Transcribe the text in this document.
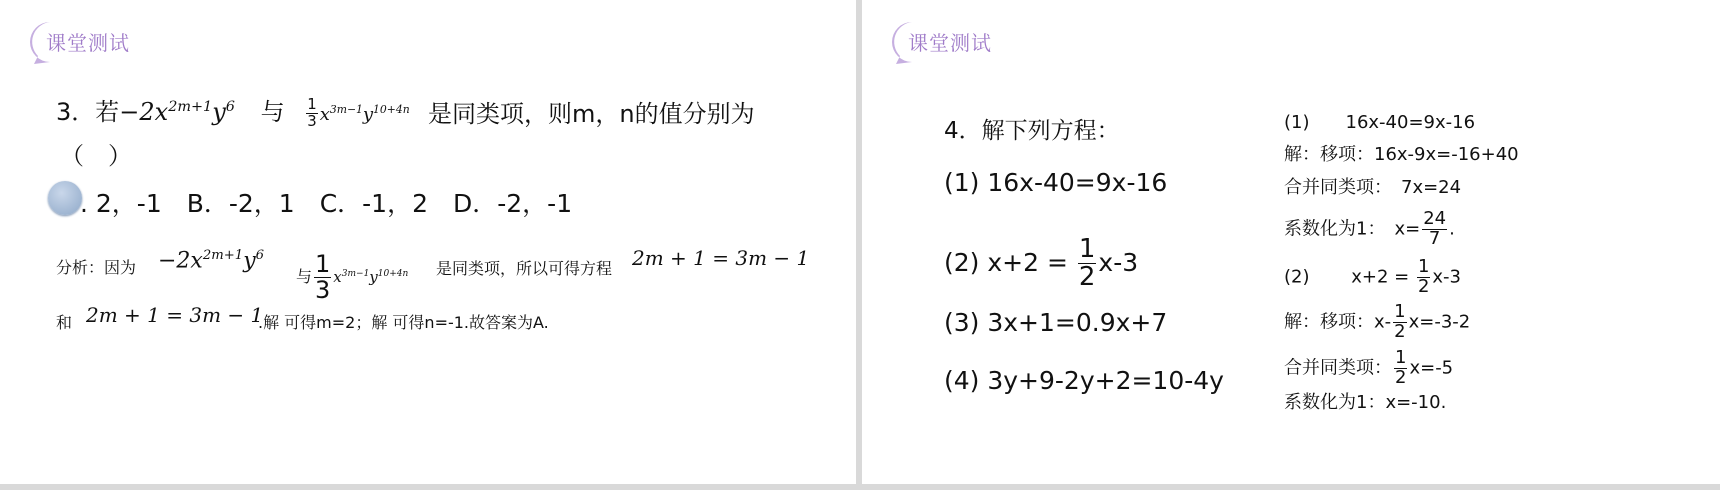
课堂测试
3．若$-2x^{2m+1}y^6$ 与 $\frac{1}{3} x^{3m-1}y^{10+4n}$ 是同类项，则m，n的值分别为
（　）
. 2，-1　B．-2，1　C．-1，2　D．-2，-1
分析：因为 $-2x^{2m+1}y^6$
与 $\frac{1}{3} x^{3m-1}y^{10+4n}$ 是同类项，所以可得方程 2m + 1 = 3m − 1
和 2m + 1 = 3m − 1
.解 可得m=2；解 可得n=-1.故答案为A.
课堂测试
4．解下列方程：
(1) 16x-40=9x-16
(2) $x+2 = \frac{1}{2} x-3$
(3) 3x+1=0.9x+7
(4) 3y+9-2y+2=10-4y
(1)　　16x-40=9x-16
解：移项：16x-9x=-16+40
合并同类项：　7x=24
系数化为1：　$x= \frac{24}{7}$ .
(2)　　 $x+2 = \frac{1}{2} x-3$
解：移项：$x- \frac{1}{2} x=-3-2$
合并同类项： $\frac{1}{2} x=-5$
系数化为1：x=-10.
